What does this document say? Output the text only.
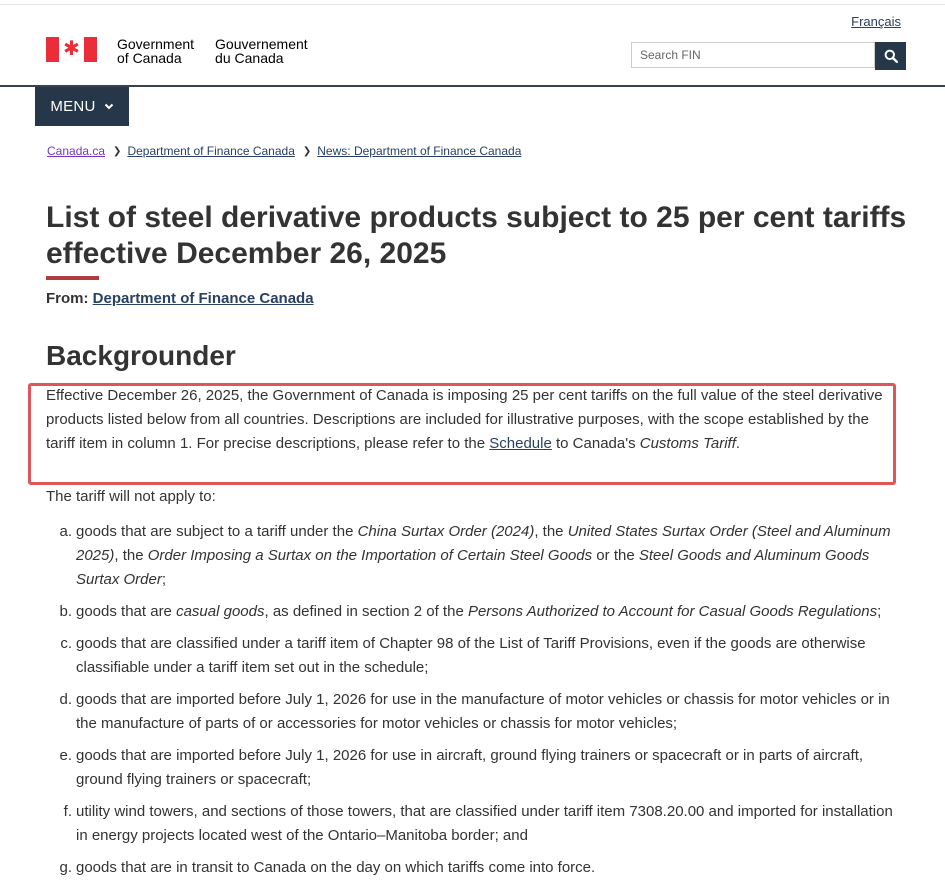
Français
✱	Government
of Canada
Gouvernement
du Canada
Search FIN
MENU
Canada.ca ❯ Department of Finance Canada ❯ News: Department of Finance Canada
List of steel derivative products subject to 25 per cent tariffs effective December 26, 2025
From: Department of Finance Canada
Backgrounder

Effective December 26, 2025, the Government of Canada is imposing 25 per cent tariffs on the full value of the steel derivative products listed below from all countries. Descriptions are included for illustrative purposes, with the scope established by the tariff item in column 1. For precise descriptions, please refer to the Schedule to Canada's Customs Tariff.

The tariff will not apply to:

a. goods that are subject to a tariff under the China Surtax Order (2024), the United States Surtax Order (Steel and Aluminum 2025), the Order Imposing a Surtax on the Importation of Certain Steel Goods or the Steel Goods and Aluminum Goods Surtax Order;
b. goods that are casual goods, as defined in section 2 of the Persons Authorized to Account for Casual Goods Regulations;
c. goods that are classified under a tariff item of Chapter 98 of the List of Tariff Provisions, even if the goods are otherwise classifiable under a tariff item set out in the schedule;
d. goods that are imported before July 1, 2026 for use in the manufacture of motor vehicles or chassis for motor vehicles or in the manufacture of parts of or accessories for motor vehicles or chassis for motor vehicles;
e. goods that are imported before July 1, 2026 for use in aircraft, ground flying trainers or spacecraft or in parts of aircraft, ground flying trainers or spacecraft;
f. utility wind towers, and sections of those towers, that are classified under tariff item 7308.20.00 and imported for installation in energy projects located west of the Ontario–Manitoba border; and
g. goods that are in transit to Canada on the day on which tariffs come into force.
